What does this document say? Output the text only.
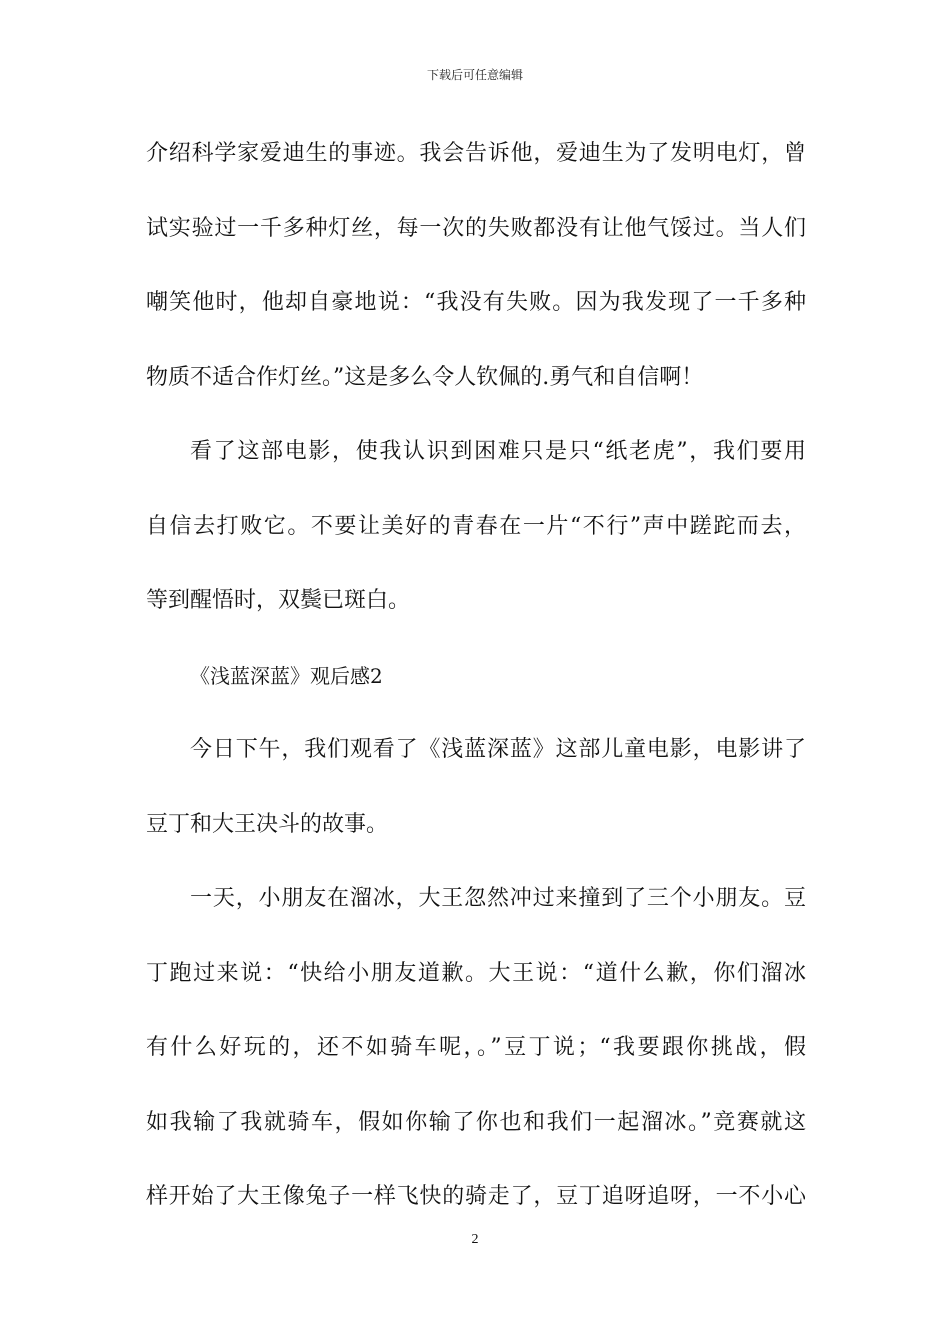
下载后可任意编辑
介绍科学家爱迪生的事迹。我会告诉他，爱迪生为了发明电灯，曾
试实验过一千多种灯丝，每一次的失败都没有让他气馁过。当人们
嘲笑他时，他却自豪地说：“我没有失败。因为我发现了一千多种
物质不适合作灯丝。”这是多么令人钦佩的.勇气和自信啊！
看了这部电影，使我认识到困难只是只“纸老虎”，我们要用
自信去打败它。不要让美好的青春在一片“不行”声中蹉跎而去，
等到醒悟时，双鬓已斑白。
《浅蓝深蓝》观后感2
今日下午，我们观看了《浅蓝深蓝》这部儿童电影，电影讲了
豆丁和大王决斗的故事。
一天，小朋友在溜冰，大王忽然冲过来撞到了三个小朋友。豆
丁跑过来说：“快给小朋友道歉。大王说：“道什么歉，你们溜冰
有什么好玩的，还不如骑车呢，。”豆丁说；“我要跟你挑战，假
如我输了我就骑车，假如你输了你也和我们一起溜冰。”竞赛就这
样开始了大王像兔子一样飞快的骑走了，豆丁追呀追呀，一不小心
2
